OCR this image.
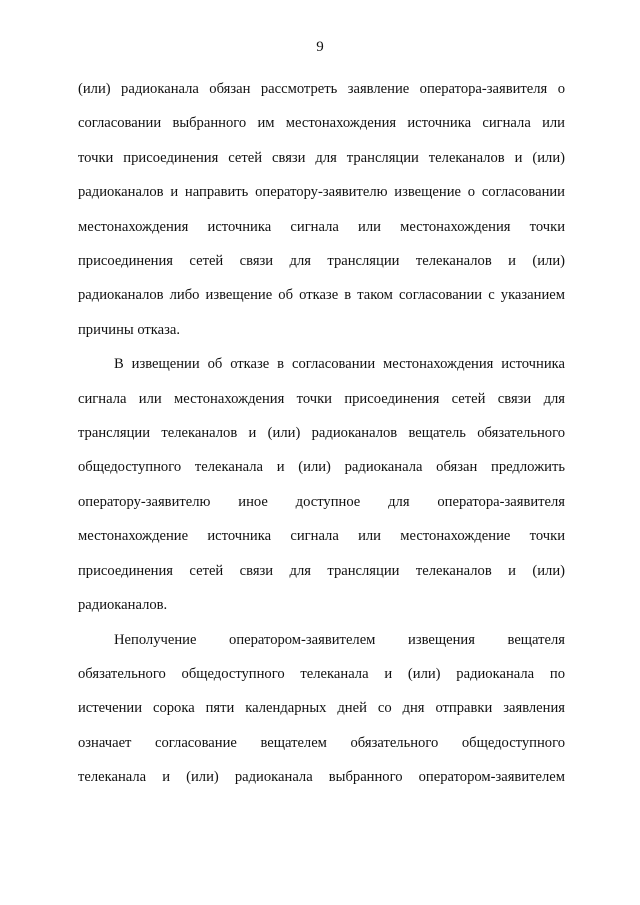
9

(или) радиоканала обязан рассмотреть заявление оператора-заявителя о
согласовании выбранного им местонахождения источника сигнала или
точки присоединения сетей связи для трансляции телеканалов и (или)
радиоканалов и направить оператору-заявителю извещение о согласовании
местонахождения источника сигнала или местонахождения точки
присоединения сетей связи для трансляции телеканалов и (или)
радиоканалов либо извещение об отказе в таком согласовании с указанием
причины отказа.

В извещении об отказе в согласовании местонахождения источника
сигнала или местонахождения точки присоединения сетей связи для
трансляции телеканалов и (или) радиоканалов вещатель обязательного
общедоступного телеканала и (или) радиоканала обязан предложить
оператору-заявителю иное доступное для оператора-заявителя
местонахождение источника сигнала или местонахождение точки
присоединения сетей связи для трансляции телеканалов и (или)
радиоканалов.

Неполучение оператором-заявителем извещения вещателя
обязательного общедоступного телеканала и (или) радиоканала по
истечении сорока пяти календарных дней со дня отправки заявления
означает согласование вещателем обязательного общедоступного
телеканала и (или) радиоканала выбранного оператором-заявителем
